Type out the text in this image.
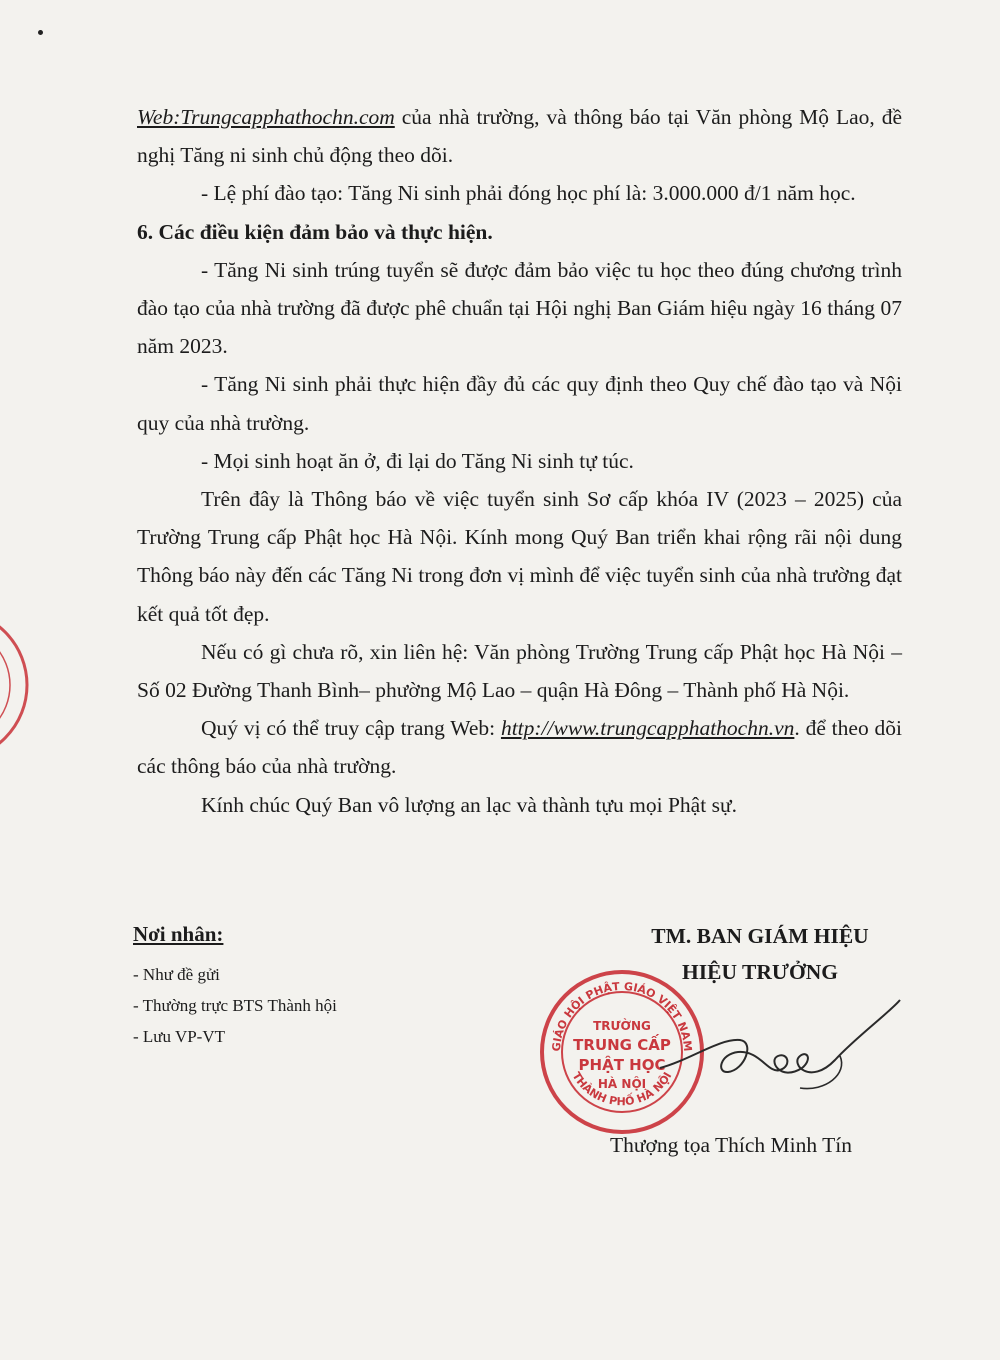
Web:Trungcapphathochn.com của nhà trường, và thông báo tại Văn phòng Mộ Lao, đề nghị Tăng ni sinh chủ động theo dõi.

- Lệ phí đào tạo: Tăng Ni sinh phải đóng học phí là: 3.000.000 đ/1 năm học.

6. Các điều kiện đảm bảo và thực hiện.

- Tăng Ni sinh trúng tuyển sẽ được đảm bảo việc tu học theo đúng chương trình đào tạo của nhà trường đã được phê chuẩn tại Hội nghị Ban Giám hiệu ngày 16 tháng 07 năm 2023.

- Tăng Ni sinh phải thực hiện đầy đủ các quy định theo Quy chế đào tạo và Nội quy của nhà trường.

- Mọi sinh hoạt ăn ở, đi lại do Tăng Ni sinh tự túc.

Trên đây là Thông báo về việc tuyển sinh Sơ cấp khóa IV (2023 – 2025) của Trường Trung cấp Phật học Hà Nội. Kính mong Quý Ban triển khai rộng rãi nội dung Thông báo này đến các Tăng Ni trong đơn vị mình để việc tuyển sinh của nhà trường đạt kết quả tốt đẹp.

Nếu có gì chưa rõ, xin liên hệ: Văn phòng Trường Trung cấp Phật học Hà Nội – Số 02 Đường Thanh Bình– phường Mộ Lao – quận Hà Đông – Thành phố Hà Nội.

Quý vị có thể truy cập trang Web: http://www.trungcapphathochn.vn. để theo dõi các thông báo của nhà trường.

Kính chúc Quý Ban vô lượng an lạc và thành tựu mọi Phật sự.

Nơi nhân:
- Như đề gửi
- Thường trực BTS Thành hội
- Lưu VP-VT
TM. BAN GIÁM HIỆU
HIỆU TRƯỞNG
GIÁO HỘI PHẬT GIÁO VIỆT NAM
THÀNH PHỐ HÀ NỘI
TRƯỜNG
TRUNG CẤP
PHẬT HỌC
HÀ NỘI
Thượng tọa Thích Minh Tín
